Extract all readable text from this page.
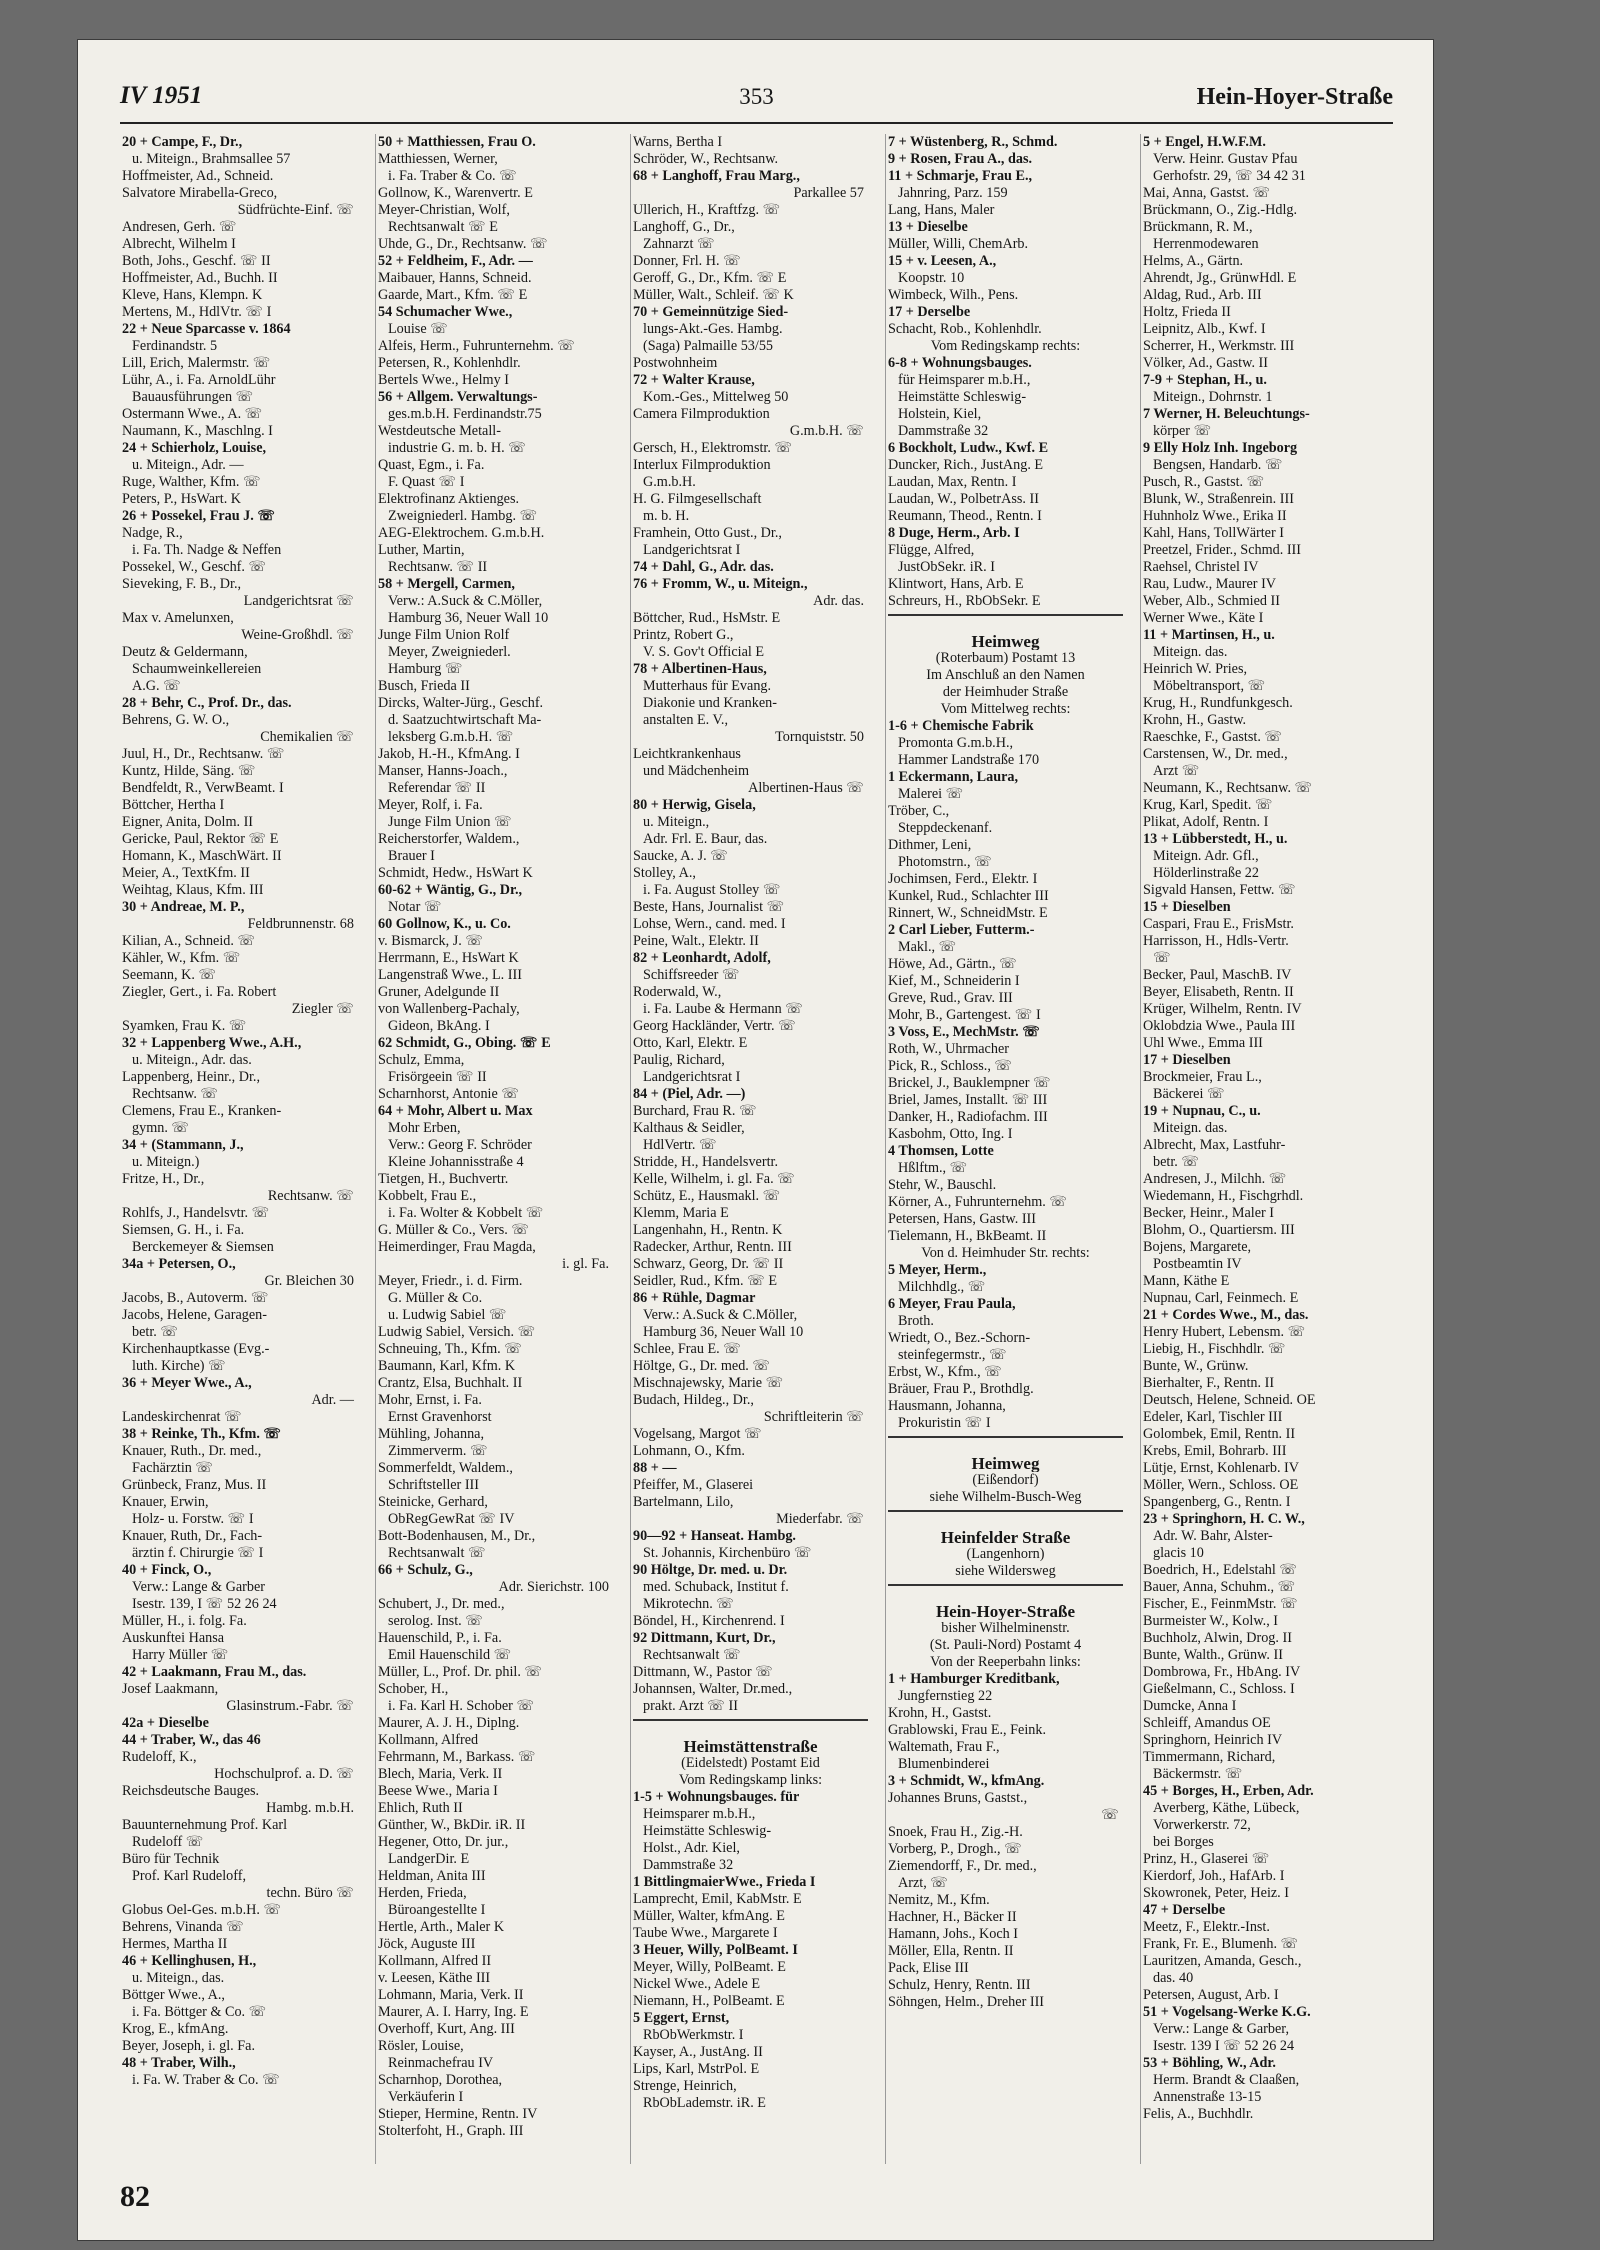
IV 1951	353	Hein-Hoyer-Straße
20 + Campe, F., Dr.,
u. Miteign., Brahmsallee 57
Hoffmeister, Ad., Schneid.
Salvatore Mirabella-Greco,
Südfrüchte-Einf. ☏
Andresen, Gerh. ☏
Albrecht, Wilhelm I
Both, Johs., Geschf. ☏ II
Hoffmeister, Ad., Buchh. II
Kleve, Hans, Klempn. K
Mertens, M., HdlVtr. ☏ I
22 + Neue Sparcasse v. 1864
Ferdinandstr. 5
Lill, Erich, Malermstr. ☏
Lühr, A., i. Fa. ArnoldLühr
Bauausführungen ☏
Ostermann Wwe., A. ☏
Naumann, K., Maschlng. I
24 + Schierholz, Louise,
u. Miteign., Adr. —
Ruge, Walther, Kfm. ☏
Peters, P., HsWart. K
26 + Possekel, Frau J. ☏
Nadge, R.,
i. Fa. Th. Nadge & Neffen
Possekel, W., Geschf. ☏
Sieveking, F. B., Dr.,
Landgerichtsrat ☏
Max v. Amelunxen,
Weine-Großhdl. ☏
Deutz & Geldermann,
Schaumweinkellereien
A.G. ☏
28 + Behr, C., Prof. Dr., das.
Behrens, G. W. O.,
Chemikalien ☏
Juul, H., Dr., Rechtsanw. ☏
Kuntz, Hilde, Säng. ☏
Bendfeldt, R., VerwBeamt. I
Böttcher, Hertha I
Eigner, Anita, Dolm. II
Gericke, Paul, Rektor ☏ E
Homann, K., MaschWärt. II
Meier, A., TextKfm. II
Weihtag, Klaus, Kfm. III
30 + Andreae, M. P.,
Feldbrunnenstr. 68
Kilian, A., Schneid. ☏
Kähler, W., Kfm. ☏
Seemann, K. ☏
Ziegler, Gert., i. Fa. Robert
Ziegler ☏
Syamken, Frau K. ☏
32 + Lappenberg Wwe., A.H.,
u. Miteign., Adr. das.
Lappenberg, Heinr., Dr.,
Rechtsanw. ☏
Clemens, Frau E., Kranken-
gymn. ☏
34 + (Stammann, J.,
u. Miteign.)
Fritze, H., Dr.,
Rechtsanw. ☏
Rohlfs, J., Handelsvtr. ☏
Siemsen, G. H., i. Fa.
Berckemeyer & Siemsen
34a + Petersen, O.,
Gr. Bleichen 30
Jacobs, B., Autoverm. ☏
Jacobs, Helene, Garagen-
betr. ☏
Kirchenhauptkasse (Evg.-
luth. Kirche) ☏
36 + Meyer Wwe., A.,
Adr. —
Landeskirchenrat ☏
38 + Reinke, Th., Kfm. ☏
Knauer, Ruth., Dr. med.,
Fachärztin ☏
Grünbeck, Franz, Mus. II
Knauer, Erwin,
Holz- u. Forstw. ☏ I
Knauer, Ruth, Dr., Fach-
ärztin f. Chirurgie ☏ I
40 + Finck, O.,
Verw.: Lange & Garber
Isestr. 139, I ☏ 52 26 24
Müller, H., i. folg. Fa.
Auskunftei Hansa
Harry Müller ☏
42 + Laakmann, Frau M., das.
Josef Laakmann,
Glasinstrum.-Fabr. ☏
42a + Dieselbe
44 + Traber, W., das 46
Rudeloff, K.,
Hochschulprof. a. D. ☏
Reichsdeutsche Bauges.
Hambg. m.b.H.
Bauunternehmung Prof. Karl
Rudeloff ☏
Büro für Technik
Prof. Karl Rudeloff,
techn. Büro ☏
Globus Oel-Ges. m.b.H. ☏
Behrens, Vinanda ☏
Hermes, Martha II
46 + Kellinghusen, H.,
u. Miteign., das.
Böttger Wwe., A.,
i. Fa. Böttger & Co. ☏
Krog, E., kfmAng.
Beyer, Joseph, i. gl. Fa.
48 + Traber, Wilh.,
i. Fa. W. Traber & Co. ☏
50 + Matthiessen, Frau O.
Matthiessen, Werner,
i. Fa. Traber & Co. ☏
Gollnow, K., Warenvertr. E
Meyer-Christian, Wolf,
Rechtsanwalt ☏ E
Uhde, G., Dr., Rechtsanw. ☏
52 + Feldheim, F., Adr. —
Maibauer, Hanns, Schneid.
Gaarde, Mart., Kfm. ☏ E
54 Schumacher Wwe.,
Louise ☏
Alfeis, Herm., Fuhrunternehm. ☏
Petersen, R., Kohlenhdlr.
Bertels Wwe., Helmy I
56 + Allgem. Verwaltungs-
ges.m.b.H. Ferdinandstr.75
Westdeutsche Metall-
industrie G. m. b. H. ☏
Quast, Egm., i. Fa.
F. Quast ☏ I
Elektrofinanz Aktienges.
Zweigniederl. Hambg. ☏
AEG-Elektrochem. G.m.b.H.
Luther, Martin,
Rechtsanw. ☏ II
58 + Mergell, Carmen,
Verw.: A.Suck & C.Möller,
Hamburg 36, Neuer Wall 10
Junge Film Union Rolf
Meyer, Zweigniederl.
Hamburg ☏
Busch, Frieda II
Dircks, Walter-Jürg., Geschf.
d. Saatzuchtwirtschaft Ma-
leksberg G.m.b.H. ☏
Jakob, H.-H., KfmAng. I
Manser, Hanns-Joach.,
Referendar ☏ II
Meyer, Rolf, i. Fa.
Junge Film Union ☏
Reicherstorfer, Waldem.,
Brauer I
Schmidt, Hedw., HsWart K
60-62 + Wäntig, G., Dr.,
Notar ☏
60 Gollnow, K., u. Co.
v. Bismarck, J. ☏
Herrmann, E., HsWart K
Langenstraß Wwe., L. III
Gruner, Adelgunde II
von Wallenberg-Pachaly,
Gideon, BkAng. I
62 Schmidt, G., Obing. ☏ E
Schulz, Emma,
Frisörgeein ☏ II
Scharnhorst, Antonie ☏
64 + Mohr, Albert u. Max
Mohr Erben,
Verw.: Georg F. Schröder
Kleine Johannisstraße 4
Tietgen, H., Buchvertr.
Kobbelt, Frau E.,
i. Fa. Wolter & Kobbelt ☏
G. Müller & Co., Vers. ☏
Heimerdinger, Frau Magda,
i. gl. Fa.
Meyer, Friedr., i. d. Firm.
G. Müller & Co.
u. Ludwig Sabiel ☏
Ludwig Sabiel, Versich. ☏
Schneuing, Th., Kfm. ☏
Baumann, Karl, Kfm. K
Crantz, Elsa, Buchhalt. II
Mohr, Ernst, i. Fa.
Ernst Gravenhorst
Mühling, Johanna,
Zimmerverm. ☏
Sommerfeldt, Waldem.,
Schriftsteller III
Steinicke, Gerhard,
ObRegGewRat ☏ IV
Bott-Bodenhausen, M., Dr.,
Rechtsanwalt ☏
66 + Schulz, G.,
Adr. Sierichstr. 100
Schubert, J., Dr. med.,
serolog. Inst. ☏
Hauenschild, P., i. Fa.
Emil Hauenschild ☏
Müller, L., Prof. Dr. phil. ☏
Schober, H.,
i. Fa. Karl H. Schober ☏
Maurer, A. J. H., Diplng.
Kollmann, Alfred
Fehrmann, M., Barkass. ☏
Blech, Maria, Verk. II
Beese Wwe., Maria I
Ehlich, Ruth II
Günther, W., BkDir. iR. II
Hegener, Otto, Dr. jur.,
LandgerDir. E
Heldman, Anita III
Herden, Frieda,
Büroangestellte I
Hertle, Arth., Maler K
Jöck, Auguste III
Kollmann, Alfred II
v. Leesen, Käthe III
Lohmann, Maria, Verk. II
Maurer, A. I. Harry, Ing. E
Overhoff, Kurt, Ang. III
Rösler, Louise,
Reinmachefrau IV
Scharnhop, Dorothea,
Verkäuferin I
Stieper, Hermine, Rentn. IV
Stolterfoht, H., Graph. III
Warns, Bertha I
Schröder, W., Rechtsanw.
68 + Langhoff, Frau Marg.,
Parkallee 57
Ullerich, H., Kraftfzg. ☏
Langhoff, G., Dr.,
Zahnarzt ☏
Donner, Frl. H. ☏
Geroff, G., Dr., Kfm. ☏ E
Müller, Walt., Schleif. ☏ K
70 + Gemeinnützige Sied-
lungs-Akt.-Ges. Hambg.
(Saga) Palmaille 53/55
Postwohnheim
72 + Walter Krause,
Kom.-Ges., Mittelweg 50
Camera Filmproduktion
G.m.b.H. ☏
Gersch, H., Elektromstr. ☏
Interlux Filmproduktion
G.m.b.H.
H. G. Filmgesellschaft
m. b. H.
Framhein, Otto Gust., Dr.,
Landgerichtsrat I
74 + Dahl, G., Adr. das.
76 + Fromm, W., u. Miteign.,
Adr. das.
Böttcher, Rud., HsMstr. E
Printz, Robert G.,
V. S. Gov't Official E
78 + Albertinen-Haus,
Mutterhaus für Evang.
Diakonie und Kranken-
anstalten E. V.,
Tornquiststr. 50
Leichtkrankenhaus
und Mädchenheim
Albertinen-Haus ☏
80 + Herwig, Gisela,
u. Miteign.,
Adr. Frl. E. Baur, das.
Saucke, A. J. ☏
Stolley, A.,
i. Fa. August Stolley ☏
Beste, Hans, Journalist ☏
Lohse, Wern., cand. med. I
Peine, Walt., Elektr. II
82 + Leonhardt, Adolf,
Schiffsreeder ☏
Roderwald, W.,
i. Fa. Laube & Hermann ☏
Georg Hackländer, Vertr. ☏
Otto, Karl, Elektr. E
Paulig, Richard,
Landgerichtsrat I
84 + (Piel, Adr. —)
Burchard, Frau R. ☏
Kalthaus & Seidler,
HdlVertr. ☏
Stridde, H., Handelsvertr.
Kelle, Wilhelm, i. gl. Fa. ☏
Schütz, E., Hausmakl. ☏
Klemm, Maria E
Langenhahn, H., Rentn. K
Radecker, Arthur, Rentn. III
Schwarz, Georg, Dr. ☏ II
Seidler, Rud., Kfm. ☏ E
86 + Rühle, Dagmar
Verw.: A.Suck & C.Möller,
Hamburg 36, Neuer Wall 10
Schlee, Frau E. ☏
Höltge, G., Dr. med. ☏
Mischnajewsky, Marie ☏
Budach, Hildeg., Dr.,
Schriftleiterin ☏
Vogelsang, Margot ☏
Lohmann, O., Kfm.
88 + —
Pfeiffer, M., Glaserei
Bartelmann, Lilo,
Miederfabr. ☏
90—92 + Hanseat. Hambg.
St. Johannis, Kirchenbüro ☏
90 Höltge, Dr. med. u. Dr.
med. Schuback, Institut f.
Mikrotechn. ☏
Böndel, H., Kirchenrend. I
92 Dittmann, Kurt, Dr.,
Rechtsanwalt ☏
Dittmann, W., Pastor ☏
Johannsen, Walter, Dr.med.,
prakt. Arzt ☏ II
Heimstättenstraße
(Eidelstedt) Postamt Eid
Vom Redingskamp links:
1-5 + Wohnungsbauges. für
Heimsparer m.b.H.,
Heimstätte Schleswig-
Holst., Adr. Kiel,
Dammstraße 32
1 BittlingmaierWwe., Frieda I
Lamprecht, Emil, KabMstr. E
Müller, Walter, kfmAng. E
Taube Wwe., Margarete I
3 Heuer, Willy, PolBeamt. I
Meyer, Willy, PolBeamt. E
Nickel Wwe., Adele E
Niemann, H., PolBeamt. E
5 Eggert, Ernst,
RbObWerkmstr. I
Kayser, A., JustAng. II
Lips, Karl, MstrPol. E
Strenge, Heinrich,
RbObLademstr. iR. E
7 + Wüstenberg, R., Schmd.
9 + Rosen, Frau A., das.
11 + Schmarje, Frau E.,
Jahnring, Parz. 159
Lang, Hans, Maler
13 + Dieselbe
Müller, Willi, ChemArb.
15 + v. Leesen, A.,
Koopstr. 10
Wimbeck, Wilh., Pens.
17 + Derselbe
Schacht, Rob., Kohlenhdlr.
Vom Redingskamp rechts:
6-8 + Wohnungsbauges.
für Heimsparer m.b.H.,
Heimstätte Schleswig-
Holstein, Kiel,
Dammstraße 32
6 Bockholt, Ludw., Kwf. E
Duncker, Rich., JustAng. E
Laudan, Max, Rentn. I
Laudan, W., PolbetrAss. II
Reumann, Theod., Rentn. I
8 Duge, Herm., Arb. I
Flügge, Alfred,
JustObSekr. iR. I
Klintwort, Hans, Arb. E
Schreurs, H., RbObSekr. E
Heimweg
(Roterbaum) Postamt 13
Im Anschluß an den Namen
der Heimhuder Straße
Vom Mittelweg rechts:
1-6 + Chemische Fabrik
Promonta G.m.b.H.,
Hammer Landstraße 170
1 Eckermann, Laura,
Malerei ☏
Tröber, C.,
Steppdeckenanf.
Dithmer, Leni,
Photomstrn., ☏
Jochimsen, Ferd., Elektr. I
Kunkel, Rud., Schlachter III
Rinnert, W., SchneidMstr. E
2 Carl Lieber, Futterm.-
Makl., ☏
Höwe, Ad., Gärtn., ☏
Kief, M., Schneiderin I
Greve, Rud., Grav. III
Mohr, B., Gartengest. ☏ I
3 Voss, E., MechMstr. ☏
Roth, W., Uhrmacher
Pick, R., Schloss., ☏
Brickel, J., Bauklempner ☏
Briel, James, Installt. ☏ III
Danker, H., Radiofachm. III
Kasbohm, Otto, Ing. I
4 Thomsen, Lotte
Hßlftm., ☏
Stehr, W., Bauschl.
Körner, A., Fuhrunternehm. ☏
Petersen, Hans, Gastw. III
Tielemann, H., BkBeamt. II
Von d. Heimhuder Str. rechts:
5 Meyer, Herm.,
Milchhdlg., ☏
6 Meyer, Frau Paula,
Broth.
Wriedt, O., Bez.-Schorn-
steinfegermstr., ☏
Erbst, W., Kfm., ☏
Bräuer, Frau P., Brothdlg.
Hausmann, Johanna,
Prokuristin ☏ I
Heimweg
(Eißendorf)
siehe Wilhelm-Busch-Weg
Heinfelder Straße
(Langenhorn)
siehe Wildersweg
Hein-Hoyer-Straße
bisher Wilhelminenstr.
(St. Pauli-Nord) Postamt 4
Von der Reeperbahn links:
1 + Hamburger Kreditbank,
Jungfernstieg 22
Krohn, H., Gastst.
Grablowski, Frau E., Feink.
Waltemath, Frau F.,
Blumenbinderei
3 + Schmidt, W., kfmAng.
Johannes Bruns, Gastst.,
☏
Snoek, Frau H., Zig.-H.
Vorberg, P., Drogh., ☏
Ziemendorff, F., Dr. med.,
Arzt, ☏
Nemitz, M., Kfm.
Hachner, H., Bäcker II
Hamann, Johs., Koch I
Möller, Ella, Rentn. II
Pack, Elise III
Schulz, Henry, Rentn. III
Söhngen, Helm., Dreher III
5 + Engel, H.W.F.M.
Verw. Heinr. Gustav Pfau
Gerhofstr. 29, ☏ 34 42 31
Mai, Anna, Gastst. ☏
Brückmann, O., Zig.-Hdlg.
Brückmann, R. M.,
Herrenmodewaren
Helms, A., Gärtn.
Ahrendt, Jg., GrünwHdl. E
Aldag, Rud., Arb. III
Holtz, Frieda II
Leipnitz, Alb., Kwf. I
Scherrer, H., Werkmstr. III
Völker, Ad., Gastw. II
7-9 + Stephan, H., u.
Miteign., Dohrnstr. 1
7 Werner, H. Beleuchtungs-
körper ☏
9 Elly Holz Inh. Ingeborg
Bengsen, Handarb. ☏
Pusch, R., Gastst. ☏
Blunk, W., Straßenrein. III
Huhnholz Wwe., Erika II
Kahl, Hans, TollWärter I
Preetzel, Frider., Schmd. III
Raehsel, Christel IV
Rau, Ludw., Maurer IV
Weber, Alb., Schmied II
Werner Wwe., Käte I
11 + Martinsen, H., u.
Miteign. das.
Heinrich W. Pries,
Möbeltransport, ☏
Krug, H., Rundfunkgesch.
Krohn, H., Gastw.
Raeschke, F., Gastst. ☏
Carstensen, W., Dr. med.,
Arzt ☏
Neumann, K., Rechtsanw. ☏
Krug, Karl, Spedit. ☏
Plikat, Adolf, Rentn. I
13 + Lübberstedt, H., u.
Miteign. Adr. Gfl.,
Hölderlinstraße 22
Sigvald Hansen, Fettw. ☏
15 + Dieselben
Caspari, Frau E., FrisMstr.
Harrisson, H., Hdls-Vertr.
☏
Becker, Paul, MaschB. IV
Beyer, Elisabeth, Rentn. II
Krüger, Wilhelm, Rentn. IV
Oklobdzia Wwe., Paula III
Uhl Wwe., Emma III
17 + Dieselben
Brockmeier, Frau L.,
Bäckerei ☏
19 + Nupnau, C., u.
Miteign. das.
Albrecht, Max, Lastfuhr-
betr. ☏
Andresen, J., Milchh. ☏
Wiedemann, H., Fischgrhdl.
Becker, Heinr., Maler I
Blohm, O., Quartiersm. III
Bojens, Margarete,
Postbeamtin IV
Mann, Käthe E
Nupnau, Carl, Feinmech. E
21 + Cordes Wwe., M., das.
Henry Hubert, Lebensm. ☏
Liebig, H., Fischhdlr. ☏
Bunte, W., Grünw.
Bierhalter, F., Rentn. II
Deutsch, Helene, Schneid. OE
Edeler, Karl, Tischler III
Golombek, Emil, Rentn. II
Krebs, Emil, Bohrarb. III
Lütje, Ernst, Kohlenarb. IV
Möller, Wern., Schloss. OE
Spangenberg, G., Rentn. I
23 + Springhorn, H. C. W.,
Adr. W. Bahr, Alster-
glacis 10
Boedrich, H., Edelstahl ☏
Bauer, Anna, Schuhm., ☏
Fischer, E., FeinmMstr. ☏
Burmeister W., Kolw., I
Buchholz, Alwin, Drog. II
Bunte, Walth., Grünw. II
Dombrowa, Fr., HbAng. IV
Gießelmann, C., Schloss. I
Dumcke, Anna I
Schleiff, Amandus OE
Springhorn, Heinrich IV
Timmermann, Richard,
Bäckermstr. ☏
45 + Borges, H., Erben, Adr.
Averberg, Käthe, Lübeck,
Vorwerkerstr. 72,
bei Borges
Prinz, H., Glaserei ☏
Kierdorf, Joh., HafArb. I
Skowronek, Peter, Heiz. I
47 + Derselbe
Meetz, F., Elektr.-Inst.
Frank, Fr. E., Blumenh. ☏
Lauritzen, Amanda, Gesch.,
das. 40
Petersen, August, Arb. I
51 + Vogelsang-Werke K.G.
Verw.: Lange & Garber,
Isestr. 139 I ☏ 52 26 24
53 + Böhling, W., Adr.
Herm. Brandt & Claaßen,
Annenstraße 13-15
Felis, A., Buchhdlr.
82
